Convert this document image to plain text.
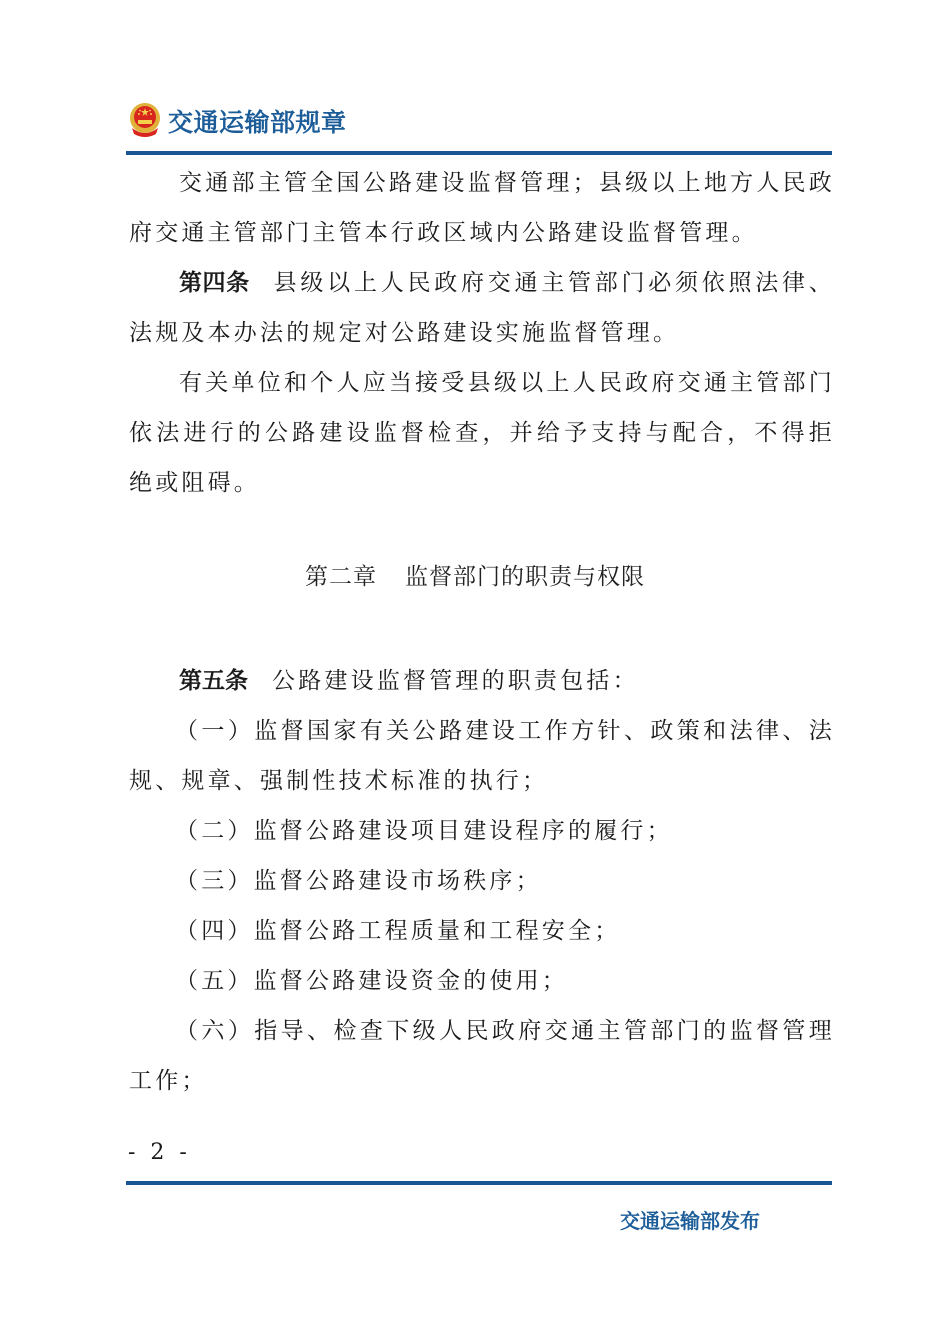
交通运输部规章
交通部主管全国公路建设监督管理；县级以上地方人民政府交通主管部门主管本行政区域内公路建设监督管理。
第四条 县级以上人民政府交通主管部门必须依照法律、法规及本办法的规定对公路建设实施监督管理。
有关单位和个人应当接受县级以上人民政府交通主管部门依法进行的公路建设监督检查，并给予支持与配合，不得拒绝或阻碍。
第二章 监督部门的职责与权限
第五条 公路建设监督管理的职责包括：
（一）监督国家有关公路建设工作方针、政策和法律、法规、规章、强制性技术标准的执行；
（二）监督公路建设项目建设程序的履行；
（三）监督公路建设市场秩序；
（四）监督公路工程质量和工程安全；
（五）监督公路建设资金的使用；
（六）指导、检查下级人民政府交通主管部门的监督管理工作；
- 2 -
交通运输部发布
